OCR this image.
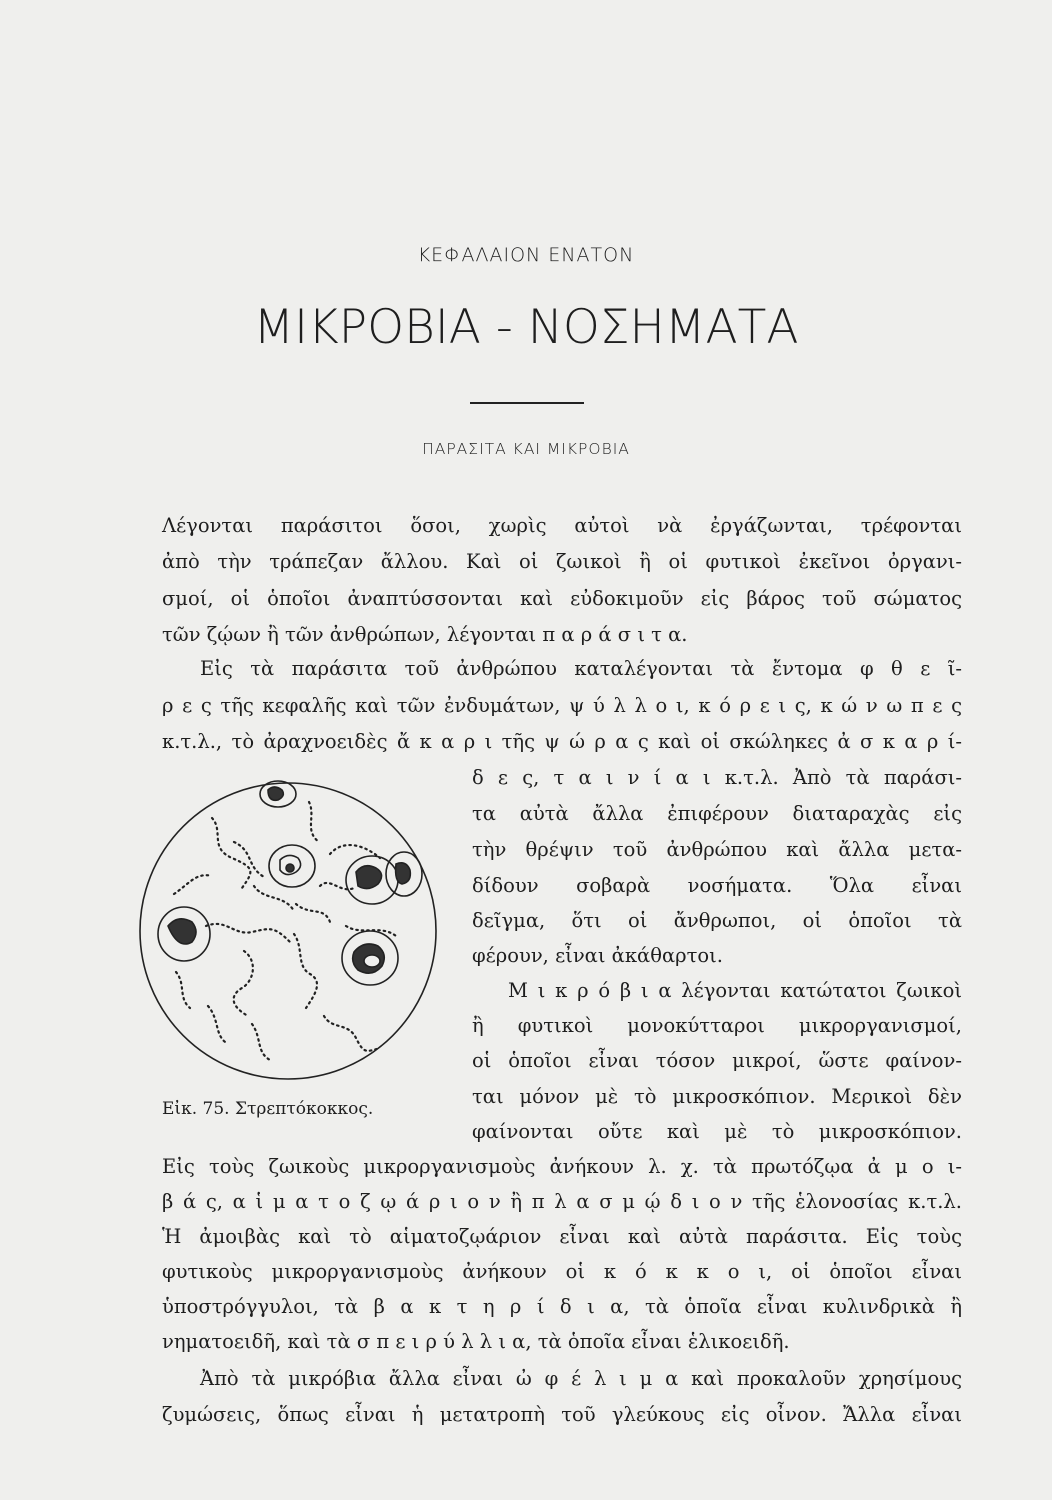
ΚΕΦΑΛΑΙΟΝ ΕΝΑΤΟΝ
ΜΙΚΡΟΒΙΑ - ΝΟΣΗΜΑΤΑ
ΠΑΡΑΣΙΤΑ ΚΑΙ ΜΙΚΡΟΒΙΑ
Λέγονται παράσιτοι ὅσοι, χωρὶς αὐτοὶ νὰ ἐργάζωνται, τρέφονται
ἀπὸ τὴν τράπεζαν ἄλλου. Καὶ οἱ ζωικοὶ ἢ οἱ φυτικοὶ ἐκεῖνοι ὀργανι-
σμοί, οἱ ὁποῖοι ἀναπτύσσονται καὶ εὐδοκιμοῦν εἰς βάρος τοῦ σώματος
τῶν ζῴων ἢ τῶν ἀνθρώπων, λέγονται π α ρ ά σ ι τ α.
Εἰς τὰ παράσιτα τοῦ ἀνθρώπου καταλέγονται τὰ ἔντομα φ θ ε ῖ-
ρ ε ς τῆς κεφαλῆς καὶ τῶν ἐνδυμάτων, ψ ύ λ λ ο ι, κ ό ρ ε ι ς, κ ώ ν ω π ε ς
κ.τ.λ., τὸ ἀραχνοειδὲς ἄ κ α ρ ι τῆς ψ ώ ρ α ς καὶ οἱ σκώληκες ἀ σ κ α ρ ί-
δ ε ς, τ α ι ν ί α ι κ.τ.λ. Ἀπὸ τὰ παράσι-
τα αὐτὰ ἄλλα ἐπιφέρουν διαταραχὰς εἰς
τὴν θρέψιν τοῦ ἀνθρώπου καὶ ἄλλα μετα-
δίδουν σοβαρὰ νοσήματα. Ὅλα εἶναι
δεῖγμα, ὅτι οἱ ἄνθρωποι, οἱ ὁποῖοι τὰ
φέρουν, εἶναι ἀκάθαρτοι.
Μ ι κ ρ ό β ι α λέγονται κατώτατοι ζωικοὶ
ἢ φυτικοὶ μονοκύτταροι μικροργανισμοί,
οἱ ὁποῖοι εἶναι τόσον μικροί, ὥστε φαίνον-
ται μόνον μὲ τὸ μικροσκόπιον. Μερικοὶ δὲν
φαίνονται οὔτε καὶ μὲ τὸ μικροσκόπιον.
Εἰς τοὺς ζωικοὺς μικροργανισμοὺς ἀνήκουν λ. χ. τὰ πρωτόζῳα ἀ μ ο ι-
β ά ς, α ἱ μ α τ ο ζ ῳ ά ρ ι ο ν ἢ π λ α σ μ ῴ δ ι ο ν τῆς ἑλονοσίας κ.τ.λ.
Ἡ ἀμοιβὰς καὶ τὸ αἱματοζῳάριον εἶναι καὶ αὐτὰ παράσιτα. Εἰς τοὺς
φυτικοὺς μικροργανισμοὺς ἀνήκουν οἱ κ ό κ κ ο ι, οἱ ὁποῖοι εἶναι
ὑποστρόγγυλοι, τὰ β α κ τ η ρ ί δ ι α, τὰ ὁποῖα εἶναι κυλινδρικὰ ἢ
νηματοειδῆ, καὶ τὰ σ π ε ι ρ ύ λ λ ι α, τὰ ὁποῖα εἶναι ἑλικοειδῆ.
Ἀπὸ τὰ μικρόβια ἄλλα εἶναι ὠ φ έ λ ι μ α καὶ προκαλοῦν χρησίμους
ζυμώσεις, ὅπως εἶναι ἡ μετατροπὴ τοῦ γλεύκους εἰς οἶνον. Ἄλλα εἶναι
Εἰκ. 75. Στρεπτόκοκκος.
